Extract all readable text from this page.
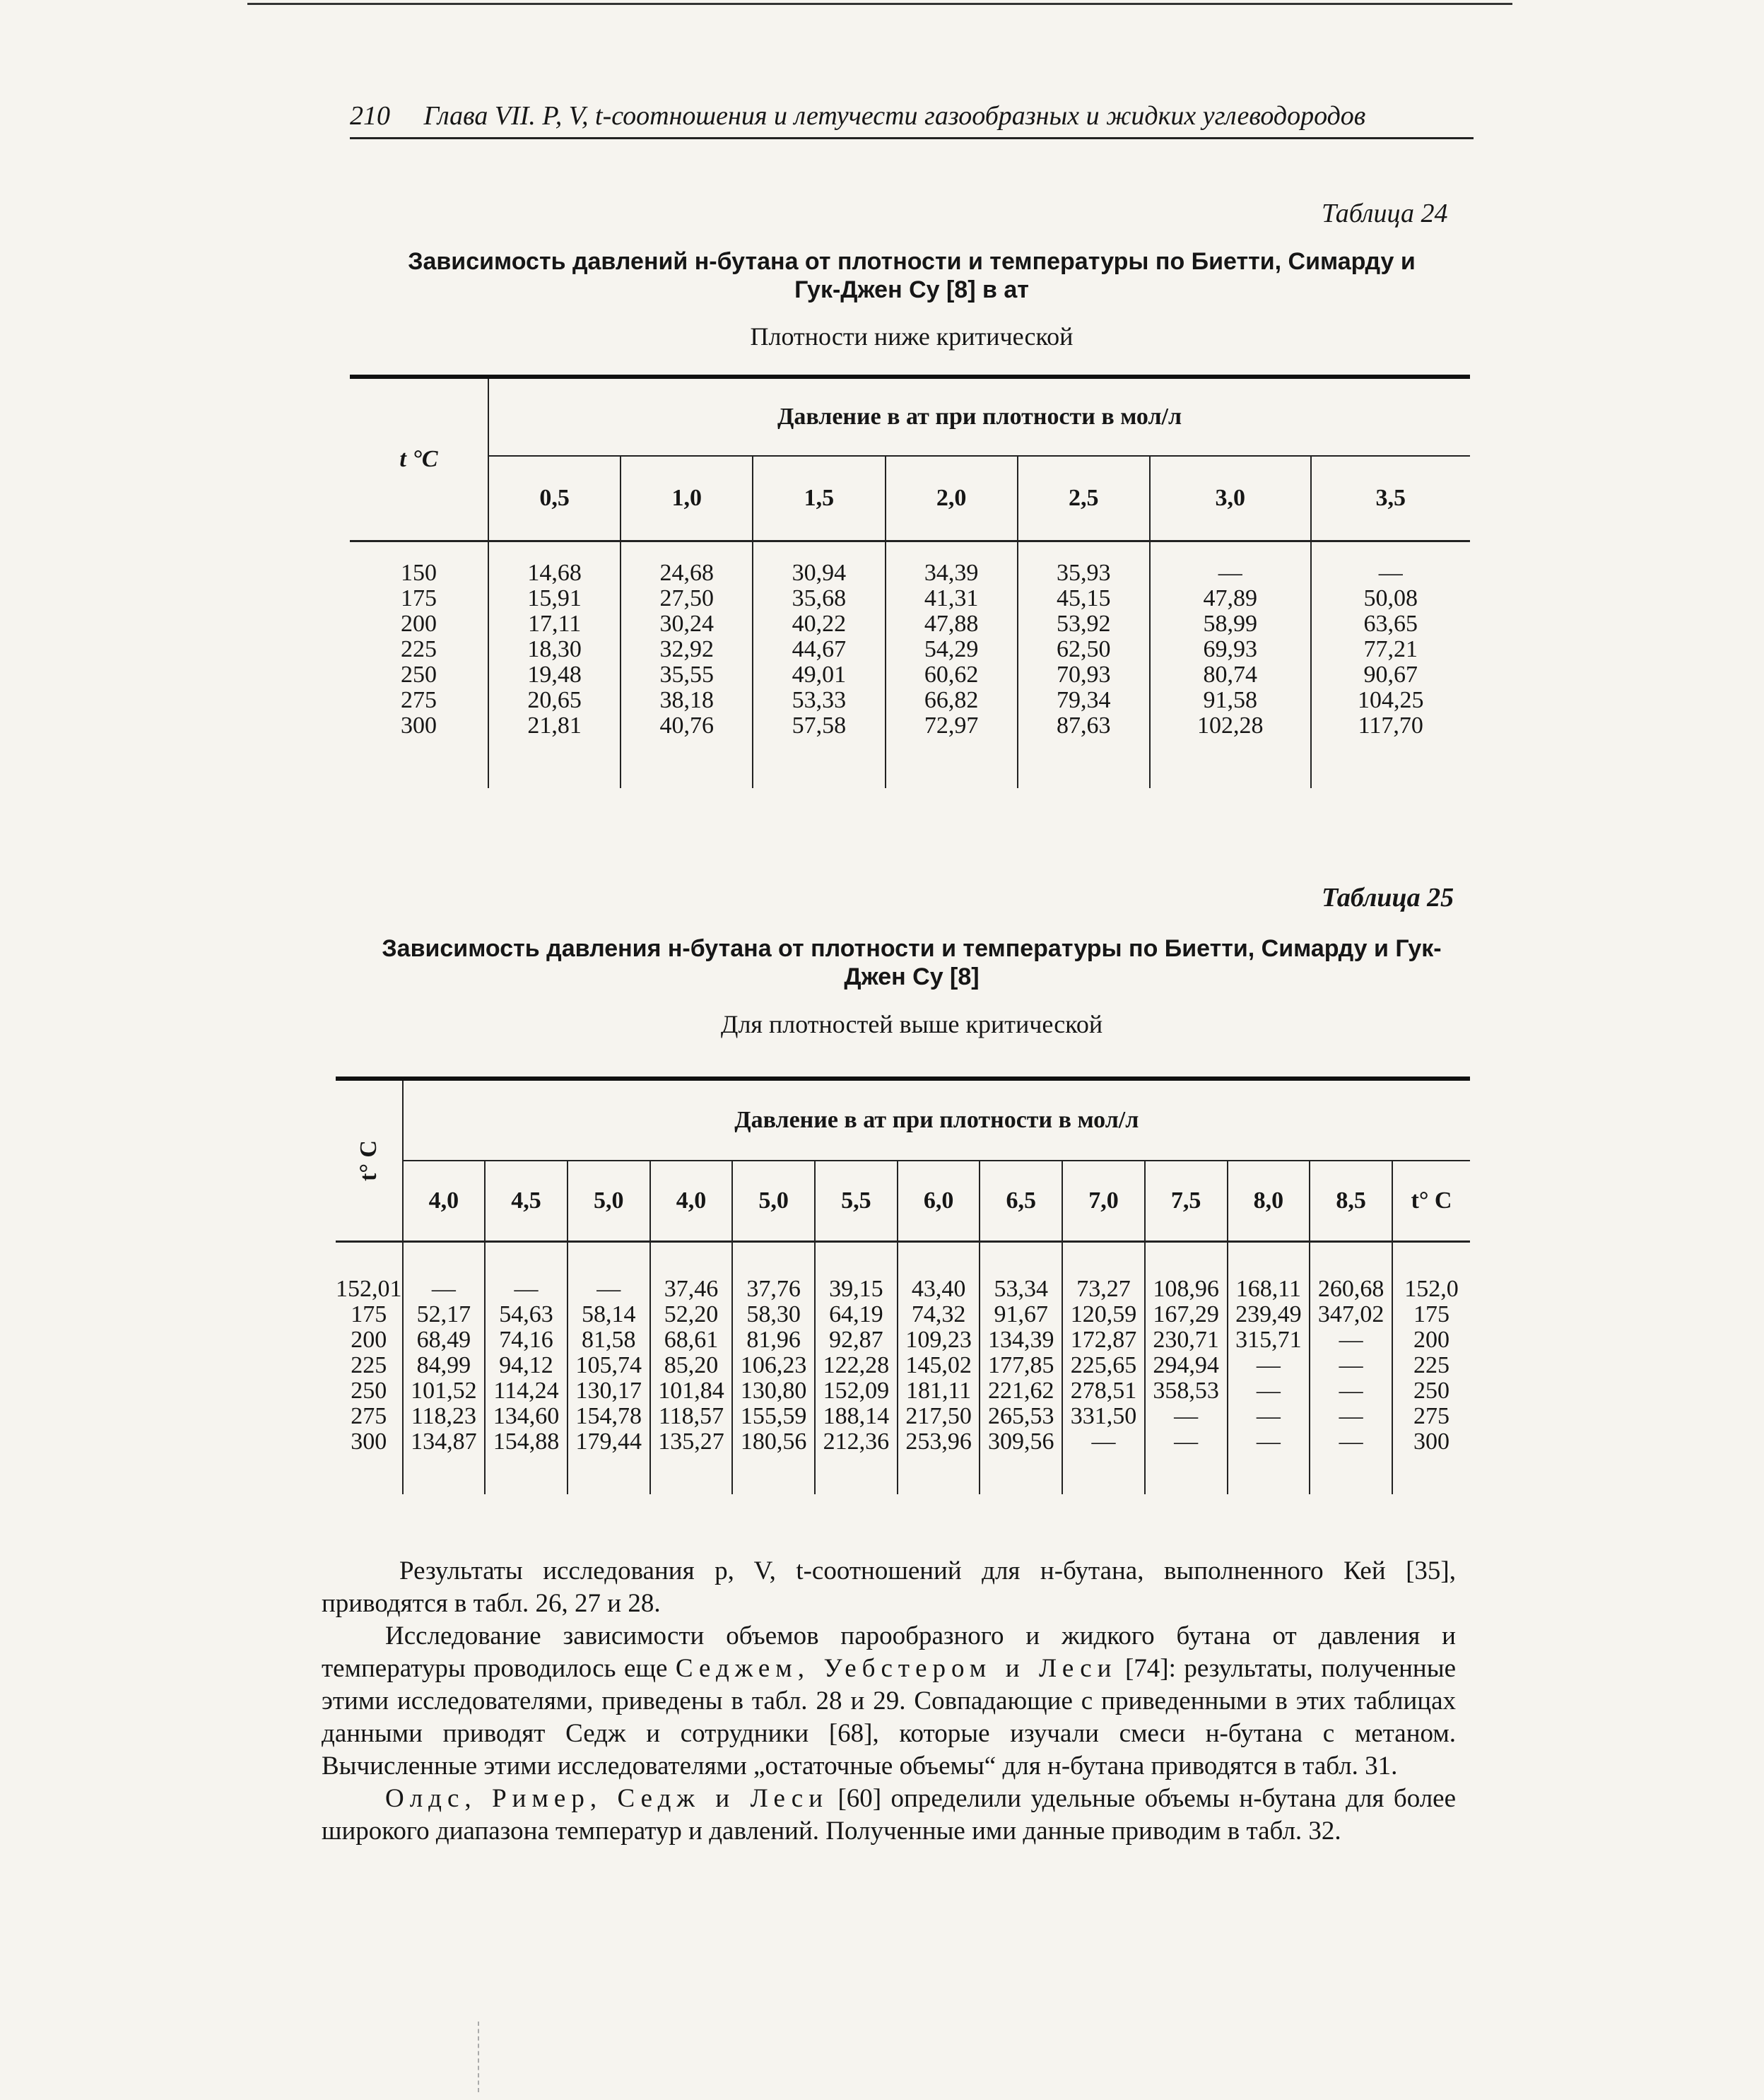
210 Глава VII. P, V, t-соотношения и летучести газообразных и жидких углеводородов
Таблица 24
Зависимость давлений н-бутана от плотности и температуры по Биетти, Симарду и Гук-Джен Су [8] в ат
Плотности ниже критической
t °C	Давление в ат при плотности в мол/л						
	0,5	1,0	1,5	2,0	2,5	3,0	3,5

150	14,68	24,68	30,94	34,39	35,93	—	—
175	15,91	27,50	35,68	41,31	45,15	47,89	50,08
200	17,11	30,24	40,22	47,88	53,92	58,99	63,65
225	18,30	32,92	44,67	54,29	62,50	69,93	77,21
250	19,48	35,55	49,01	60,62	70,93	80,74	90,67
275	20,65	38,18	53,33	66,82	79,34	91,58	104,25
300	21,81	40,76	57,58	72,97	87,63	102,28	117,70

Таблица 25
Зависимость давления н-бутана от плотности и температуры по Биетти, Симарду и Гук-Джен Су [8]
Для плотностей выше критической
t° C	Давление в ат при плотности в мол/л												
	4,0	4,5	5,0	4,0	5,0	5,5	6,0	6,5	7,0	7,5	8,0	8,5	t° C

152,01	—	—	—	37,46	37,76	39,15	43,40	53,34	73,27	108,96	168,11	260,68	152,0
175	52,17	54,63	58,14	52,20	58,30	64,19	74,32	91,67	120,59	167,29	239,49	347,02	175
200	68,49	74,16	81,58	68,61	81,96	92,87	109,23	134,39	172,87	230,71	315,71	—	200
225	84,99	94,12	105,74	85,20	106,23	122,28	145,02	177,85	225,65	294,94	—	—	225
250	101,52	114,24	130,17	101,84	130,80	152,09	181,11	221,62	278,51	358,53	—	—	250
275	118,23	134,60	154,78	118,57	155,59	188,14	217,50	265,53	331,50	—	—	—	275
300	134,87	154,88	179,44	135,27	180,56	212,36	253,96	309,56	—	—	—	—	300

Результаты исследования p, V, t-соотношений для н-бутана, выполненного Кей [35], приводятся в табл. 26, 27 и 28.

Исследование зависимости объемов парообразного и жидкого бутана от давления и температуры проводилось еще Седжем, Уебстером и Леси [74]: результаты, полученные этими исследователями, приведены в табл. 28 и 29. Совпадающие с приведенными в этих таблицах данными приводят Седж и сотрудники [68], которые изучали смеси н-бутана с метаном. Вычисленные этими исследователями „остаточные объемы“ для н-бутана приводятся в табл. 31.

Олдс, Ример, Седж и Леси [60] определили удельные объемы н-бутана для более широкого диапазона температур и давлений. Полученные ими данные приводим в табл. 32.
